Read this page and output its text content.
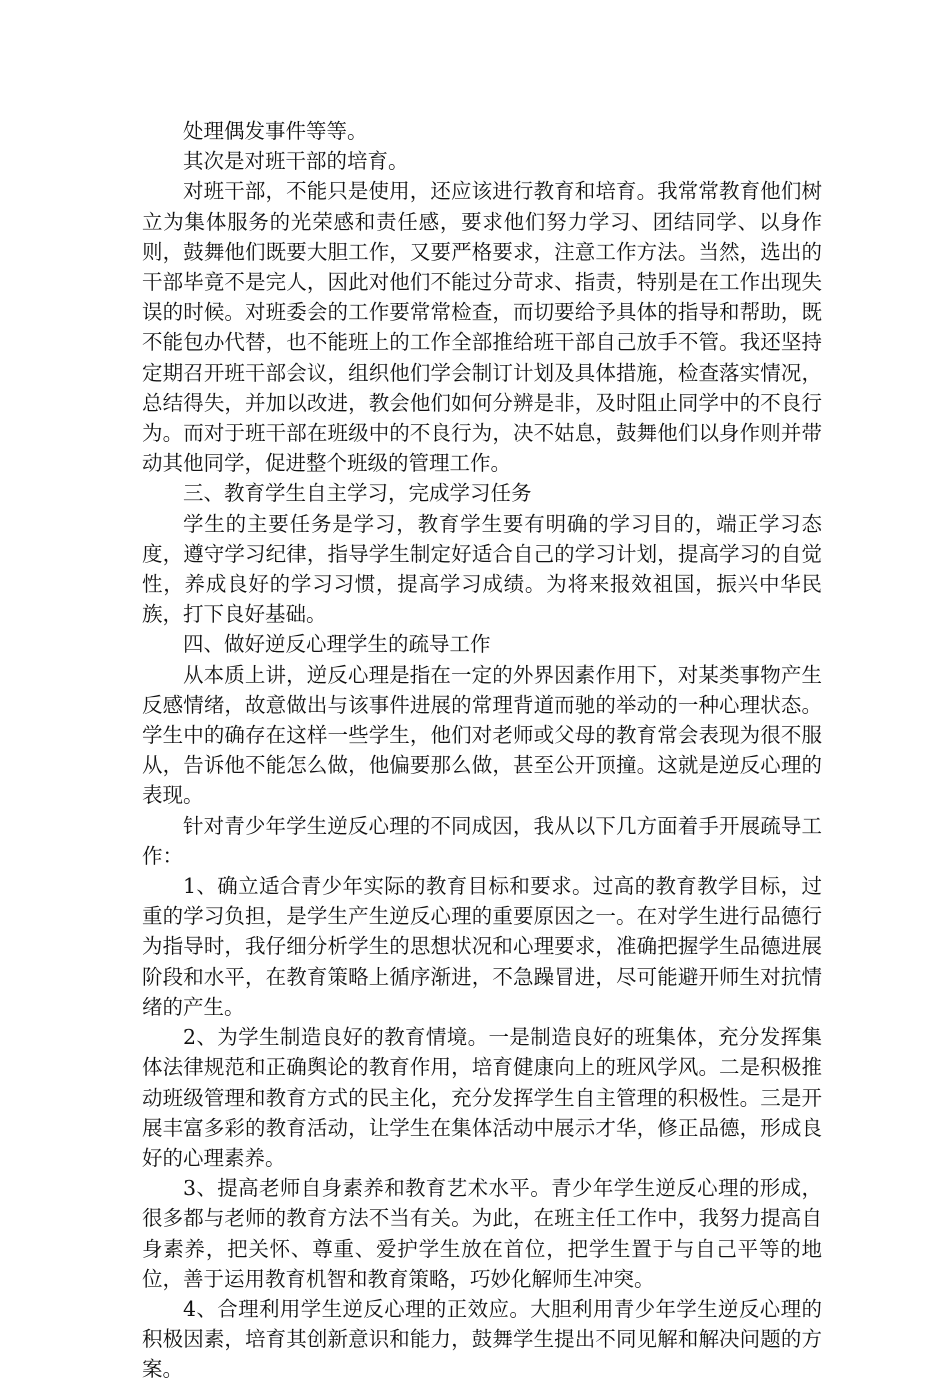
处理偶发事件等等。

其次是对班干部的培育。

对班干部，不能只是使用，还应该进行教育和培育。我常常教育他们树立为集体服务的光荣感和责任感，要求他们努力学习、团结同学、以身作则，鼓舞他们既要大胆工作，又要严格要求，注意工作方法。当然，选出的干部毕竟不是完人，因此对他们不能过分苛求、指责，特别是在工作出现失误的时候。对班委会的工作要常常检查，而切要给予具体的指导和帮助，既不能包办代替，也不能班上的工作全部推给班干部自己放手不管。我还坚持定期召开班干部会议，组织他们学会制订计划及具体措施，检查落实情况，总结得失，并加以改进，教会他们如何分辨是非，及时阻止同学中的不良行为。而对于班干部在班级中的不良行为，决不姑息，鼓舞他们以身作则并带动其他同学，促进整个班级的管理工作。

三、教育学生自主学习，完成学习任务

学生的主要任务是学习，教育学生要有明确的学习目的，端正学习态度，遵守学习纪律，指导学生制定好适合自己的学习计划，提高学习的自觉性，养成良好的学习习惯，提高学习成绩。为将来报效祖国，振兴中华民族，打下良好基础。

四、做好逆反心理学生的疏导工作

从本质上讲，逆反心理是指在一定的外界因素作用下，对某类事物产生反感情绪，故意做出与该事件进展的常理背道而驰的举动的一种心理状态。学生中的确存在这样一些学生，他们对老师或父母的教育常会表现为很不服从，告诉他不能怎么做，他偏要那么做，甚至公开顶撞。这就是逆反心理的表现。

针对青少年学生逆反心理的不同成因，我从以下几方面着手开展疏导工作：

1、确立适合青少年实际的教育目标和要求。过高的教育教学目标，过重的学习负担，是学生产生逆反心理的重要原因之一。在对学生进行品德行为指导时，我仔细分析学生的思想状况和心理要求，准确把握学生品德进展阶段和水平，在教育策略上循序渐进，不急躁冒进，尽可能避开师生对抗情绪的产生。

2、为学生制造良好的教育情境。一是制造良好的班集体，充分发挥集体法律规范和正确舆论的教育作用，培育健康向上的班风学风。二是积极推动班级管理和教育方式的民主化，充分发挥学生自主管理的积极性。三是开展丰富多彩的教育活动，让学生在集体活动中展示才华，修正品德，形成良好的心理素养。

3、提高老师自身素养和教育艺术水平。青少年学生逆反心理的形成，很多都与老师的教育方法不当有关。为此，在班主任工作中，我努力提高自身素养，把关怀、尊重、爱护学生放在首位，把学生置于与自己平等的地位，善于运用教育机智和教育策略，巧妙化解师生冲突。

4、合理利用学生逆反心理的正效应。大胆利用青少年学生逆反心理的积极因素，培育其创新意识和能力，鼓舞学生提出不同见解和解决问题的方案。
